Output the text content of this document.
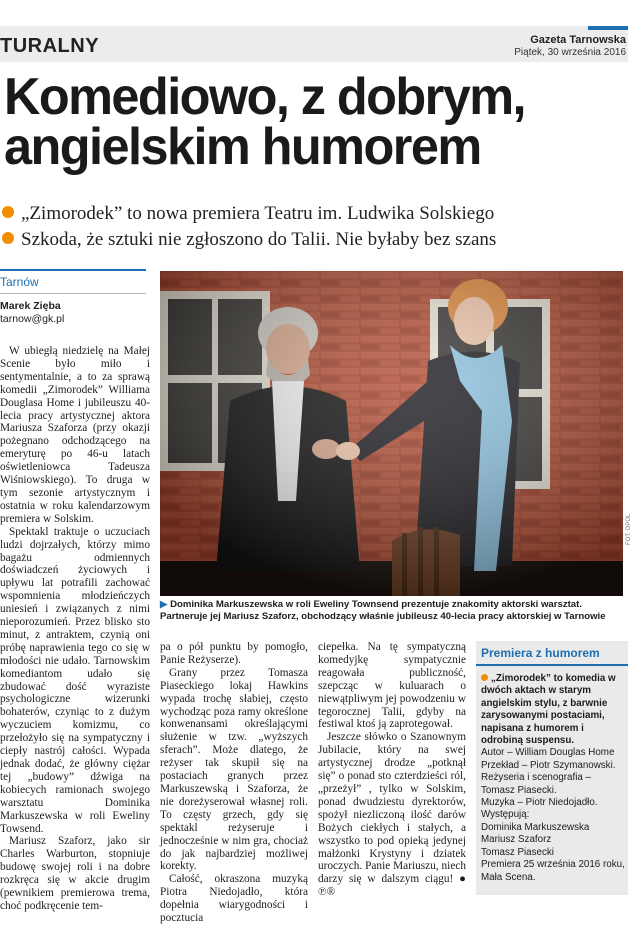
TURALNY	Gazeta Tarnowska
Piątek, 30 września 2016
Komediowo, z dobrym,
angielskim humorem
„Zimorodek” to nowa premiera Teatru im. Ludwika Solskiego
Szkoda, że sztuki nie zgłoszono do Talii. Nie byłaby bez szans
Tarnów
Marek Zięba
tarnow@gk.pl

W ubiegłą niedzielę na Małej Scenie było miło i sentymentalnie, a to za sprawą komedii „Zimorodek” Williama Douglasa Home i jubileuszu 40-lecia pracy artystycznej aktora Mariusza Szaforza (przy okazji pożegnano odchodzącego na emeryturę po 46-u latach oświetleniowca Tadeusza Wiśniowskiego). To druga w tym sezonie artystycznym i ostatnia w roku kalendarzowym premiera w Solskim.

Spektakl traktuje o uczuciach ludzi dojrzałych, którzy mimo bagażu odmiennych doświadczeń życiowych i upływu lat potrafili zachować wspomnienia młodzieńczych uniesień i związanych z nimi nieporozumień. Przez blisko sto minut, z antraktem, czynią oni próbę naprawienia tego co się w młodości nie udało. Tarnowskim komediantom udało się zbudować dość wyraziste psychologiczne wizerunki bohaterów, czyniąc to z dużym wyczuciem komizmu, co przełożyło się na sympatyczny i ciepły nastrój całości. Wypada jednak dodać, że główny ciężar tej „budowy” dźwiga na kobiecych ramionach swojego warsztatu Dominika Markuszewska w roli Eweliny Towsend.

Mariusz Szaforz, jako sir Charles Warburton, stopniuje budowę swojej roli i na dobre rozkręca się w akcie drugim (pewnikiem premierowa trema, choć podkręcenie tem-

FOT. OPOL
▶ Dominika Markuszewska w roli Eweliny Townsend prezentuje znakomity aktorski warsztat. Partneruje jej Mariusz Szaforz, obchodzący właśnie jubileusz 40-lecia pracy aktorskiej w Tarnowie

pa o pół punktu by pomogło, Panie Reżyserze).

Grany przez Tomasza Piaseckiego lokaj Hawkins wypada trochę słabiej, często wychodząc poza ramy określone konwenansami określającymi służenie w tzw. „wyższych sferach”. Może dlatego, że reżyser tak skupił się na postaciach granych przez Markuszewską i Szaforza, że nie doreżyserował własnej roli. To częsty grzech, gdy się spektakl reżyseruje i jednocześnie w nim gra, chociaż do jak najbardziej możliwej korekty.

Całość, okraszona muzyką Piotra Niedojadło, która dopełnia wiarygodności i pocztucia

ciepełka. Na tę sympatyczną komedyjkę sympatycznie reagowała publiczność, szepcząc w kuluarach o niewątpliwym jej powodzeniu w tegorocznej Talii, gdyby na festiwal ktoś ją zaprotegował.

Jeszcze słówko o Szanownym Jubilacie, który na swej artystycznej drodze „potknął się” o ponad sto czterdzieści ról, „przeżył” , tylko w Solskim, ponad dwudziestu dyrektorów, spożył niezliczoną ilość darów Bożych ciekłych i stałych, a wszystko to pod opieką jedynej małżonki Krystyny i dziatek uroczych. Panie Mariuszu, niech darzy się w dalszym ciągu! ● ℗®

Premiera z humorem
„Zimorodek” to komedia w dwóch aktach w starym angielskim stylu, z barwnie zarysowanymi postaciami, napisana z humorem i odrobiną suspensu.
Autor – William Douglas Home
Przekład – Piotr Szymanowski.
Reżyseria i scenografia – Tomasz Piasecki.
Muzyka – Piotr Niedojadło.
Występują:
Dominika Markuszewska
Mariusz Szaforz
Tomasz Piasecki
Premiera 25 września 2016 roku,
Mała Scena.
